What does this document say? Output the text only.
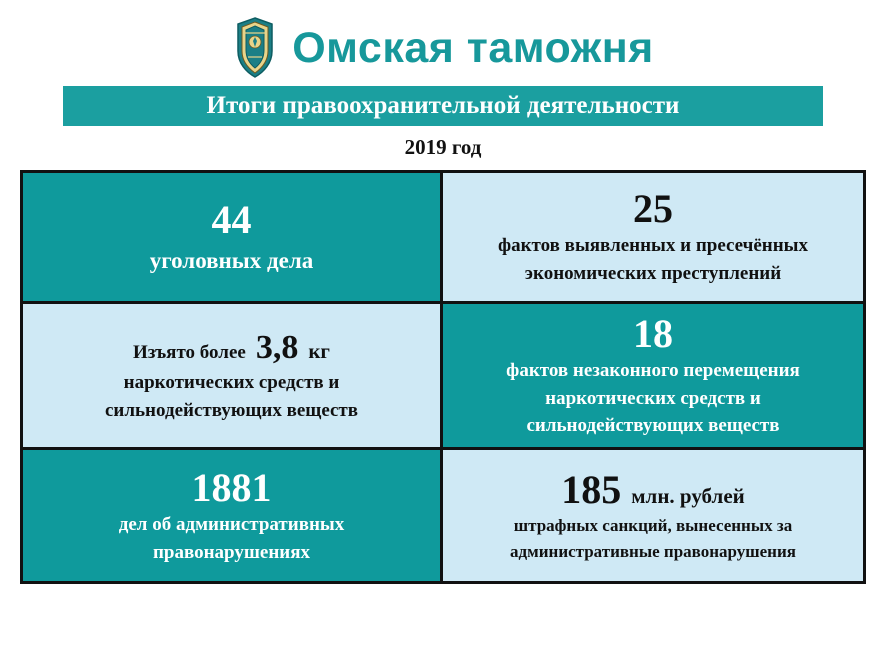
Омская таможня
Итоги правоохранительной деятельности
2019 год
44
уголовных дела
25
фактов выявленных и пресечённых
экономических преступлений
Изъято более 3,8 кг
наркотических средств и
сильнодействующих веществ
18
фактов незаконного перемещения
наркотических средств и
сильнодействующих веществ
1881
дел об административных
правонарушениях
185 млн. рублей
штрафных санкций, вынесенных за
административные правонарушения
